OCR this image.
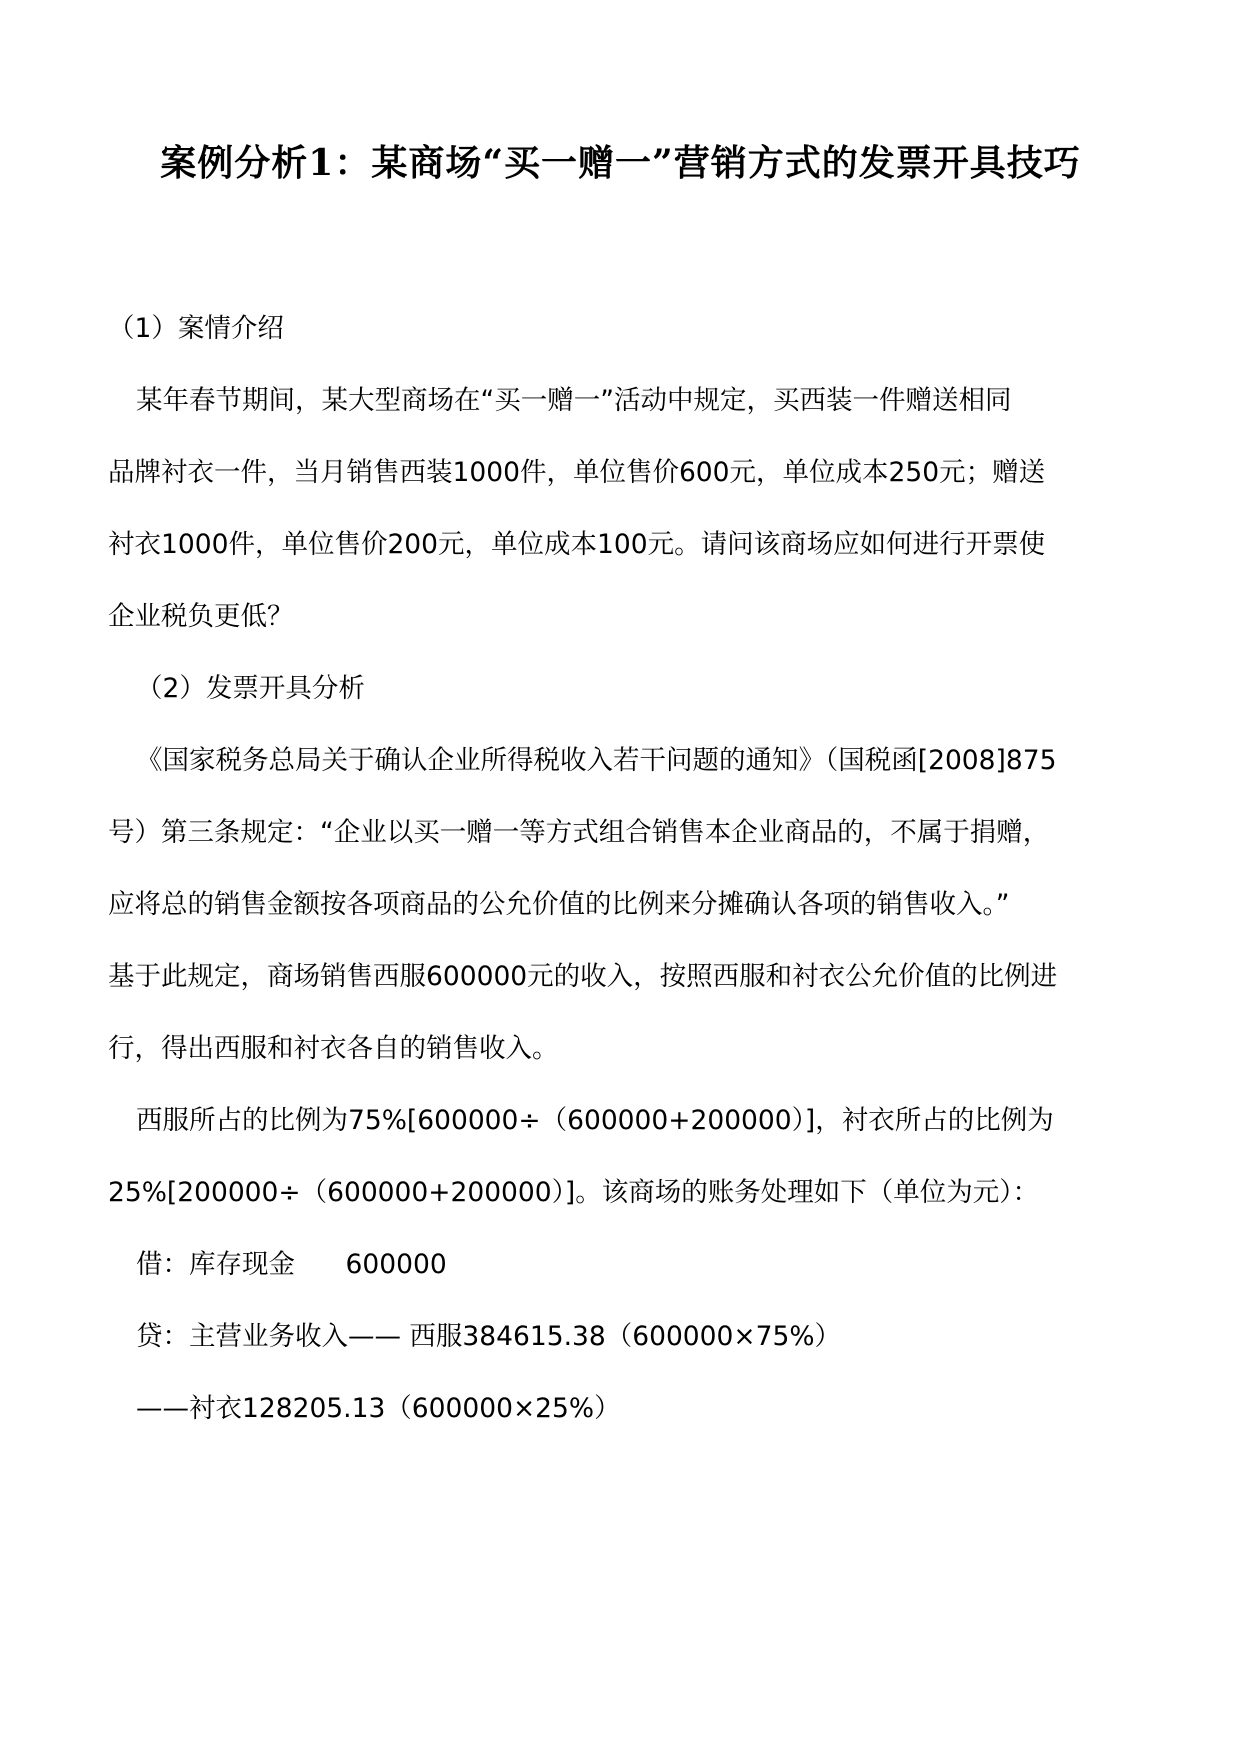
案例分析1：某商场“买一赠一”营销方式的发票开具技巧
（1）案情介绍
某年春节期间，某大型商场在“买一赠一”活动中规定，买西装一件赠送相同
品牌衬衣一件，当月销售西装1000件，单位售价600元，单位成本250元；赠送
衬衣1000件，单位售价200元，单位成本100元。请问该商场应如何进行开票使
企业税负更低？
（2）发票开具分析
《国家税务总局关于确认企业所得税收入若干问题的通知》（国税函[2008]875
号）第三条规定：“企业以买一赠一等方式组合销售本企业商品的，不属于捐赠，
应将总的销售金额按各项商品的公允价值的比例来分摊确认各项的销售收入。”
基于此规定，商场销售西服600000元的收入，按照西服和衬衣公允价值的比例进
行，得出西服和衬衣各自的销售收入。
西服所占的比例为75%[600000÷（600000+200000）]，衬衣所占的比例为
25%[200000÷（600000+200000）]。该商场的账务处理如下（单位为元）：
借：库存现金      600000
贷：主营业务收入—— 西服384615.38（600000×75%）
——衬衣128205.13（600000×25%）
